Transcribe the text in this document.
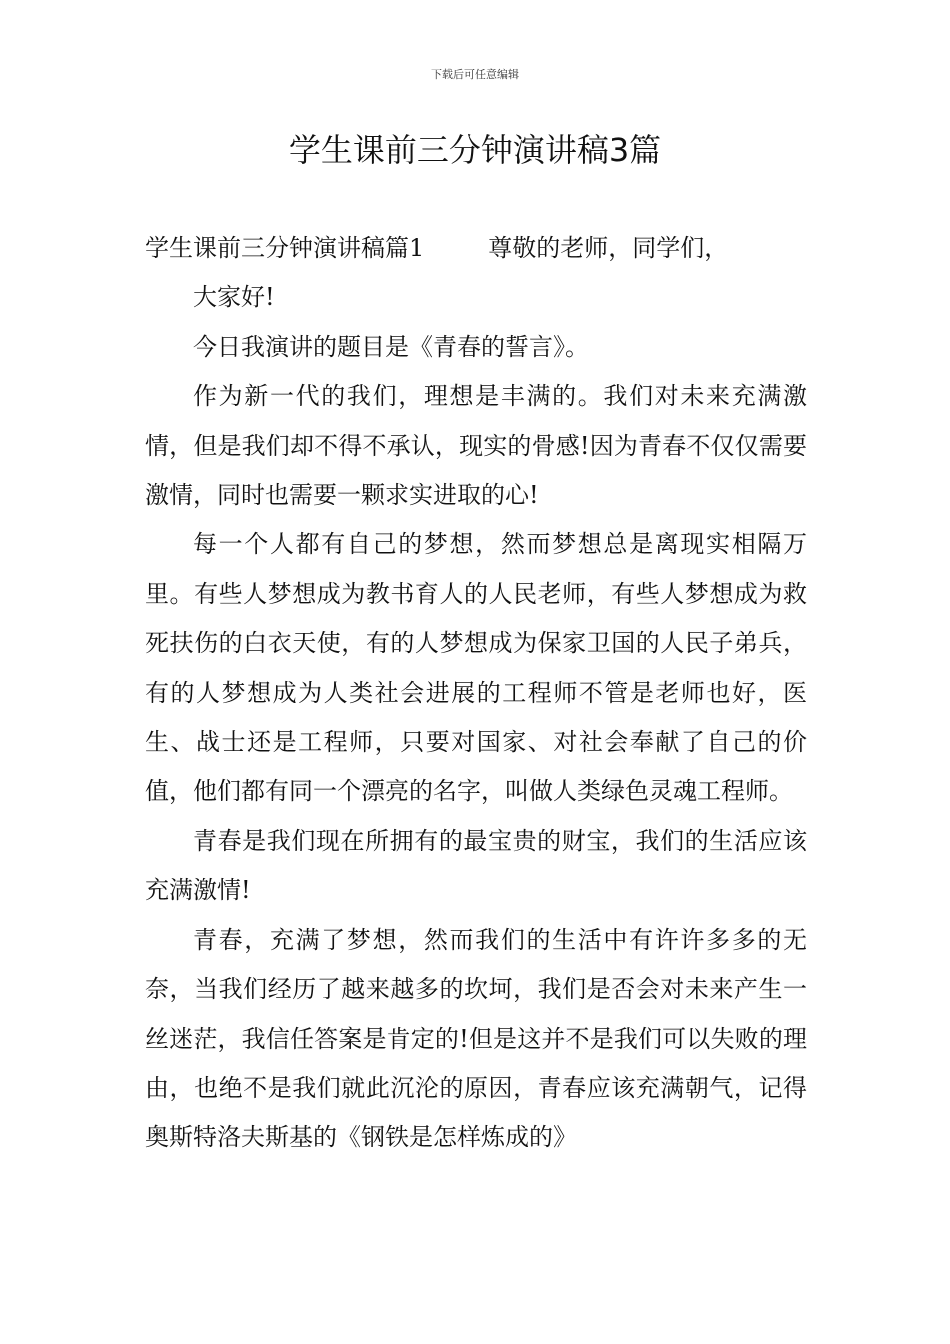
下载后可任意编辑
学生课前三分钟演讲稿3篇

学生课前三分钟演讲稿篇1	尊敬的老师，同学们，

大家好!

今日我演讲的题目是《青春的誓言》。

作为新一代的我们，理想是丰满的。我们对未来充满激情，但是我们却不得不承认，现实的骨感!因为青春不仅仅需要激情，同时也需要一颗求实进取的心!

每一个人都有自己的梦想，然而梦想总是离现实相隔万里。有些人梦想成为教书育人的人民老师，有些人梦想成为救死扶伤的白衣天使，有的人梦想成为保家卫国的人民子弟兵，有的人梦想成为人类社会进展的工程师不管是老师也好，医生、战士还是工程师，只要对国家、对社会奉献了自己的价值，他们都有同一个漂亮的名字，叫做人类绿色灵魂工程师。

青春是我们现在所拥有的最宝贵的财宝，我们的生活应该充满激情!

青春，充满了梦想，然而我们的生活中有许许多多的无奈，当我们经历了越来越多的坎坷，我们是否会对未来产生一丝迷茫，我信任答案是肯定的!但是这并不是我们可以失败的理由，也绝不是我们就此沉沦的原因，青春应该充满朝气，记得奥斯特洛夫斯基的《钢铁是怎样炼成的》
